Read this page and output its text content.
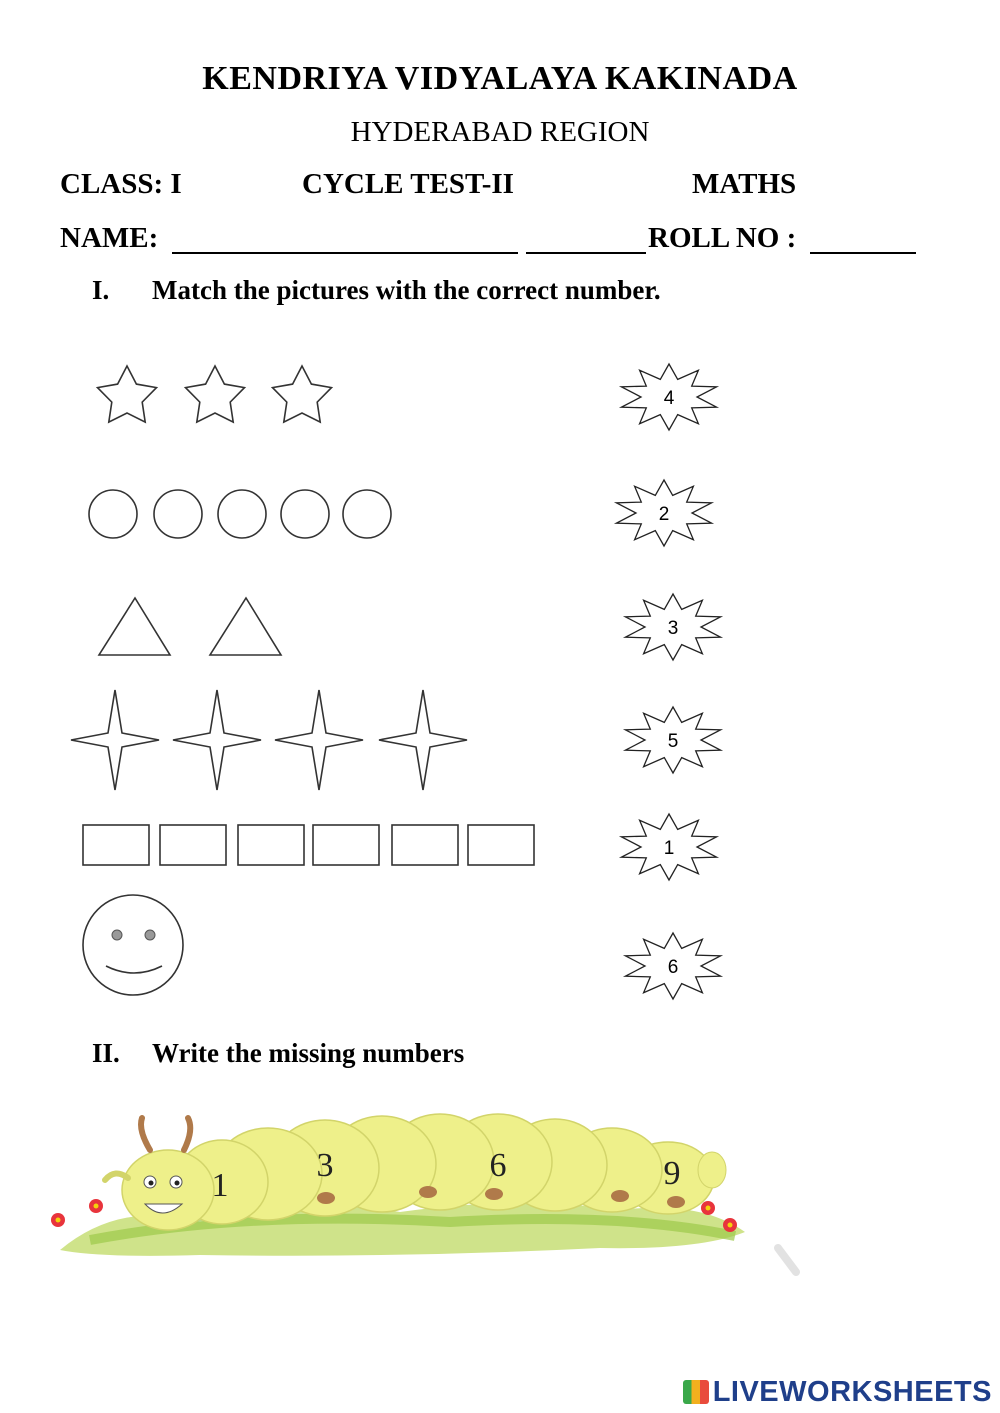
KENDRIYA VIDYALAYA KAKINADA
HYDERABAD REGION
CLASS: I	CYCLE TEST-II	MATHS
NAME:	ROLL NO :
I. Match the pictures with the correct number.
4
2
3
5
1
6
II. Write the missing numbers
1
3	6	9
LIVEWORKSHEETS
